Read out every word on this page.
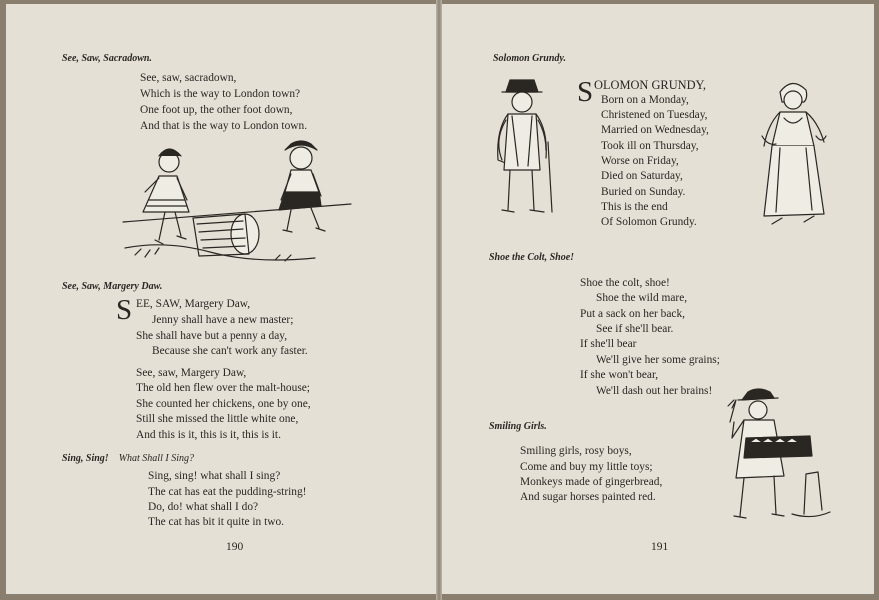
See, Saw, Sacradown.
See, saw, sacradown,
Which is the way to London town?
One foot up, the other foot down,
And that is the way to London town.
See, Saw, Margery Daw.
S EE, SAW, Margery Daw,
Jenny shall have a new master;
She shall have but a penny a day,
Because she can't work any faster.
See, saw, Margery Daw,
The old hen flew over the malt-house;
She counted her chickens, one by one,
Still she missed the little white one,
And this is it, this is it, this is it.
Sing, Sing! What Shall I Sing?
Sing, sing! what shall I sing?
The cat has eat the pudding-string!
Do, do! what shall I do?
The cat has bit it quite in two.
190
Solomon Grundy.
S OLOMON GRUNDY,
Born on a Monday,
Christened on Tuesday,
Married on Wednesday,
Took ill on Thursday,
Worse on Friday,
Died on Saturday,
Buried on Sunday.
This is the end
Of Solomon Grundy.
Shoe the Colt, Shoe!
Shoe the colt, shoe!
Shoe the wild mare,
Put a sack on her back,
See if she'll bear.
If she'll bear
We'll give her some grains;
If she won't bear,
We'll dash out her brains!
Smiling Girls.
Smiling girls, rosy boys,
Come and buy my little toys;
Monkeys made of gingerbread,
And sugar horses painted red.
191
